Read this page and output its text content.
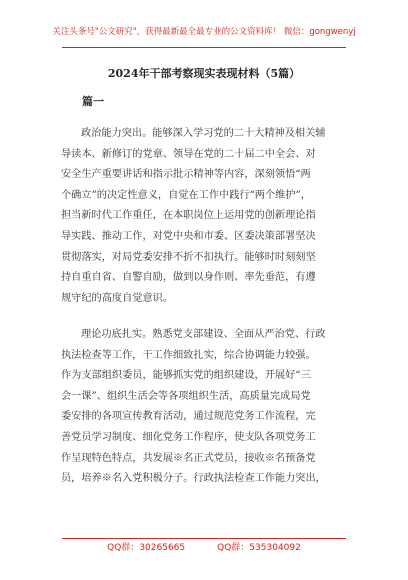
关注头条号"公文研究"，获得最新最全最专业的公文资料库！ 微信：gongwenyj
2024年干部考察现实表现材料（5篇）
篇一
政治能力突出。能够深入学习党的二十大精神及相关辅
导读本、新修订的党章、领导在党的二十届二中全会、对
安全生产重要讲话和指示批示精神等内容，深刻领悟“两
个确立”的决定性意义，自觉在工作中践行“两个维护”，
担当新时代工作重任，在本职岗位上运用党的创新理论指
导实践、推动工作，对党中央和市委、区委决策部署坚决
贯彻落实，对局党委安排不折不扣执行。能够时时刻刻坚
持自重自省、自警自励，做到以身作则、率先垂范，有遵
规守纪的高度自觉意识。
理论功底扎实。熟悉党支部建设、全面从严治党、行政
执法检查等工作，干工作细致扎实，综合协调能力较强。
作为支部组织委员，能够抓实党的组织建设，开展好“三
会一课”、组织生活会等各项组织生活，高质量完成局党
委安排的各项宣传教育活动，通过规范党务工作流程，完
善党员学习制度、细化党务工作程序，使支队各项党务工
作呈现特色特点，共发展※名正式党员，接收※名预备党
员，培养※名入党积极分子。行政执法检查工作能力突出，
QQ群：30265665	QQ群：535304092
